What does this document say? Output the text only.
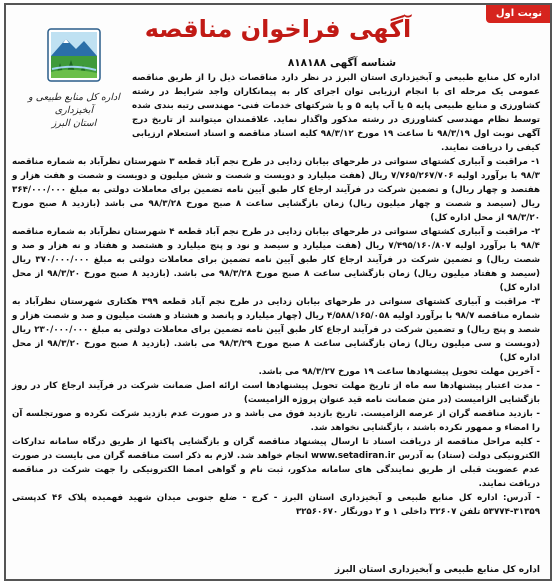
نوبت اول
آگهی فراخوان مناقصه
اداره کل منابع طبیعی و آبخیزداری
استان البرز
شناسه آگهی ۸۱۸۱۸۸

اداره کل منابع طبیعی و آبخیزداری استان البرز در نظر دارد مناقصات ذیل را از طریق مناقصه عمومی یک مرحله ای با انجام ارزیابی توان اجرای کار به پیمانکاران واجد شرایط در رشته کشاورزی و منابع طبیعی پایه ۵ یا آب پایه ۵ و یا شرکتهای خدمات فنی- مهندسی رتبه بندی شده توسط نظام مهندسی کشاورزی در رشته مذکور واگذار نماید. علاقمندان میتوانند از تاریخ درج آگهی نوبت اول ۹۸/۳/۱۹ تا ساعت ۱۹ مورخ ۹۸/۳/۱۲ کلیه اسناد مناقصه و اسناد استعلام ارزیابی کیفی را دریافت نمایند.

۱- مراقبت و آبیاری کشتهای سنواتی در طرحهای بیابان زدایی در طرح نجم آباد قطعه ۳ شهرستان نظرآباد به شماره مناقصه ۹۸/۳ با برآورد اولیه ۷/۷۶۵/۲۶۷/۷۰۶ ریال (هفت میلیارد و دویست و شصت و شش میلیون و دویست و شصت و هفت هزار و هفتصد و چهار ریال) و تضمین شرکت در فرآیند ارجاع کار طبق آیین نامه تضمین برای معاملات دولتی به مبلغ ۳۶۴/۰۰۰/۰۰۰ ریال (سیصد و شصت و چهار میلیون ریال) زمان بازگشایی ساعت ۸ صبح مورخ ۹۸/۳/۲۸ می باشد (بازدید ۸ صبح مورخ ۹۸/۳/۲۰ از محل اداره کل)

۲- مراقبت و آبیاری کشتهای سنواتی در طرحهای بیابان زدایی در طرح نجم آباد قطعه ۴ شهرستان نظرآباد به شماره مناقصه ۹۸/۴ با برآورد اولیه ۷/۴۹۵/۱۶۰/۸۰۷ ریال (هفت میلیارد و سیصد و نود و پنج میلیارد و هشتصد و هفتاد و نه هزار و صد و شصت ریال) و تضمین شرکت در فرآیند ارجاع کار طبق آیین نامه تضمین برای معاملات دولتی به مبلغ ۳۷۰/۰۰۰/۰۰۰ ریال (سیصد و هفتاد میلیون ریال) زمان بازگشایی ساعت ۸ صبح مورخ ۹۸/۳/۲۸ می باشد. (بازدید ۸ صبح مورخ ۹۸/۳/۲۰ از محل اداره کل)

۳- مراقبت و آبیاری کشتهای سنواتی در طرحهای بیابان زدایی در طرح نجم آباد قطعه ۳۹۹ هکتاری شهرستان نظرآباد به شماره مناقصه ۹۸/۷ با برآورد اولیه ۴/۵۸۸/۱۶۵/۰۵۸ ریال (چهار میلیارد و پانصد و هشتاد و هشت میلیون و صد و شصت هزار و شصد و پنج ریال) و تضمین شرکت در فرآیند ارجاع کار طبق آیین نامه تضمین برای معاملات دولتی به مبلغ ۲۳۰/۰۰۰/۰۰۰ ریال (دویست و سی میلیون ریال) زمان بازگشایی ساعت ۸ صبح مورخ ۹۸/۳/۲۹ می باشد. (بازدید ۸ صبح مورخ ۹۸/۳/۲۰ از محل اداره کل)

- آخرین مهلت تحویل پیشنهادها ساعت ۱۹ مورخ ۹۸/۳/۲۷ می باشد.

- مدت اعتبار پیشنهادها سه ماه از تاریخ مهلت تحویل پیشنهادها است ارائه اصل ضمانت شرکت در فرآیند ارجاع کار در روز بازگشایی الزامیست (در متن ضمانت نامه قید عنوان پروژه الزامیست)

- بازدید مناقصه گران از عرصه الزامیست. تاریخ بازدید فوق می باشد و در صورت عدم بازدید شرکت نکرده و صورتجلسه آن را امضاء و ممهور نکرده باشند ، بازگشایی نخواهد شد.

- کلیه مراحل مناقصه از دریافت اسناد تا ارسال پیشنهاد مناقصه گران و بازگشایی پاکتها از طریق درگاه سامانه تدارکات الکترونیکی دولت (ستاد) به آدرس www.setadiran.ir انجام خواهد شد. لازم به ذکر است مناقصه گران می بایست در صورت عدم عضویت قبلی از طریق نمایندگی های سامانه مذکور، ثبت نام و گواهی امضا الکترونیکی را جهت شرکت در مناقصه دریافت نمایند.

- آدرس: اداره کل منابع طبیعی و آبخیزداری استان البرز - کرج - ضلع جنوبی میدان شهید فهمیده پلاک ۴۶ کدپستی ۳۱۳۵۹-۵۳۷۷۴ تلفن ۳۲۶۰۷ داخلی ۱ و ۲ دورنگار ۳۲۵۶۰۶۷۰

اداره کل منابع طبیعی و آبخیزداری استان البرز
